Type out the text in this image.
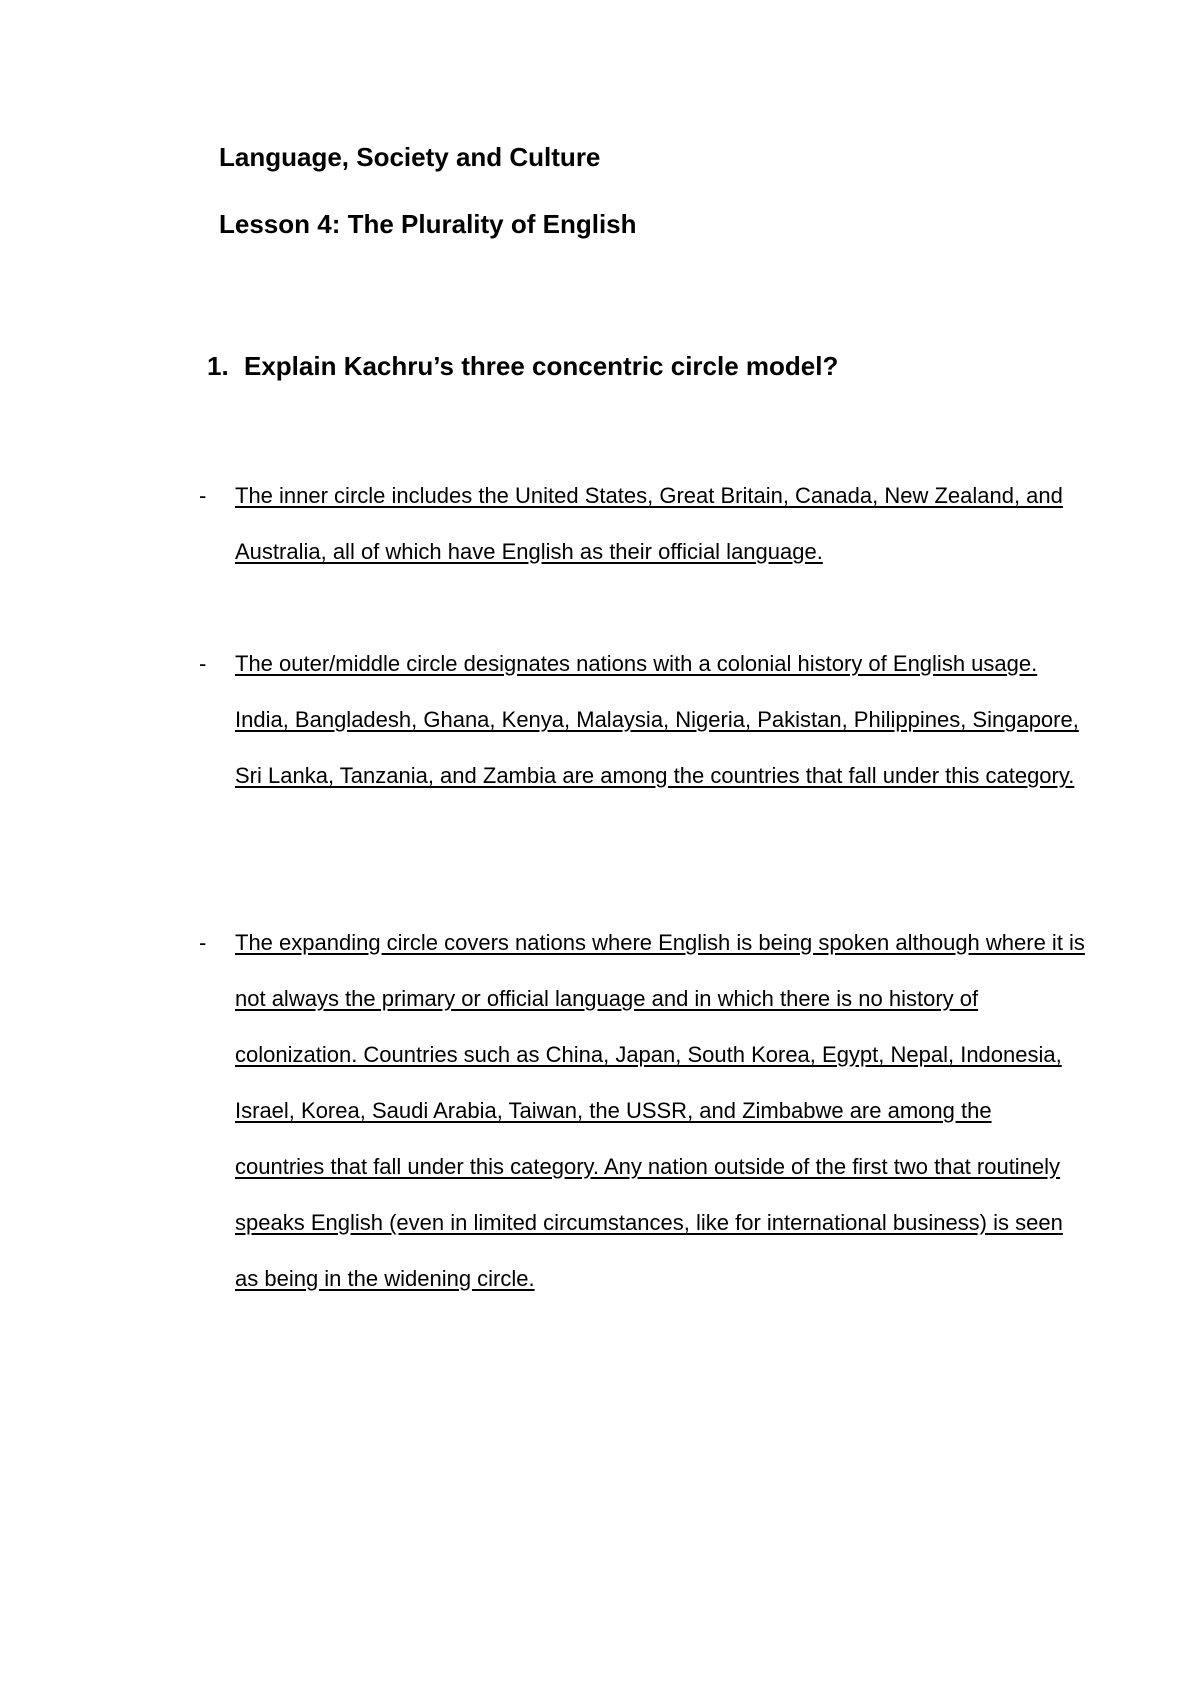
Language, Society and Culture
Lesson 4: The Plurality of English
1. Explain Kachru’s three concentric circle model?
- The inner circle includes the United States, Great Britain, Canada, New Zealand, and Australia, all of which have English as their official language.

- The outer/middle circle designates nations with a colonial history of English usage. India, Bangladesh, Ghana, Kenya, Malaysia, Nigeria, Pakistan, Philippines, Singapore, Sri Lanka, Tanzania, and Zambia are among the countries that fall under this category.

- The expanding circle covers nations where English is being spoken although where it is not always the primary or official language and in which there is no history of colonization. Countries such as China, Japan, South Korea, Egypt, Nepal, Indonesia, Israel, Korea, Saudi Arabia, Taiwan, the USSR, and Zimbabwe are among the countries that fall under this category. Any nation outside of the first two that routinely speaks English (even in limited circumstances, like for international business) is seen as being in the widening circle.
